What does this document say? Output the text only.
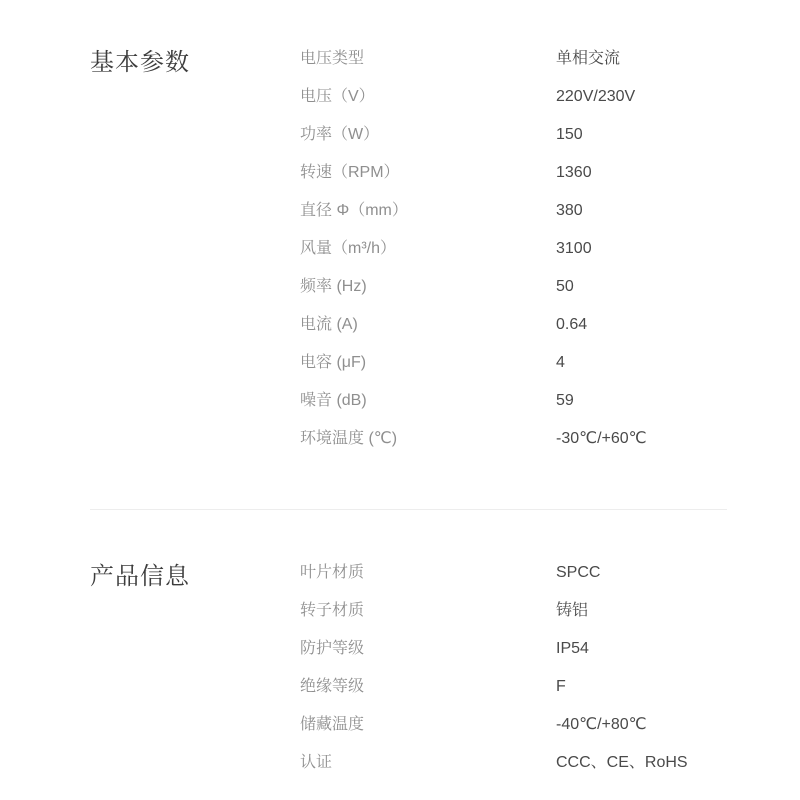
基本参数	电压类型	单相交流
电压（V）	220V/230V
功率（W）	150
转速（RPM）	1360
直径 Φ（mm）	380
风量（m³/h）	3100
频率 (Hz)	50
电流 (A)	0.64
电容 (μF)	4
噪音 (dB)	59
环境温度 (℃)	-30℃/+60℃
产品信息	叶片材质	SPCC
转子材质	铸铝
防护等级	IP54
绝缘等级	F
储藏温度	-40℃/+80℃
认证	CCC、CE、RoHS
